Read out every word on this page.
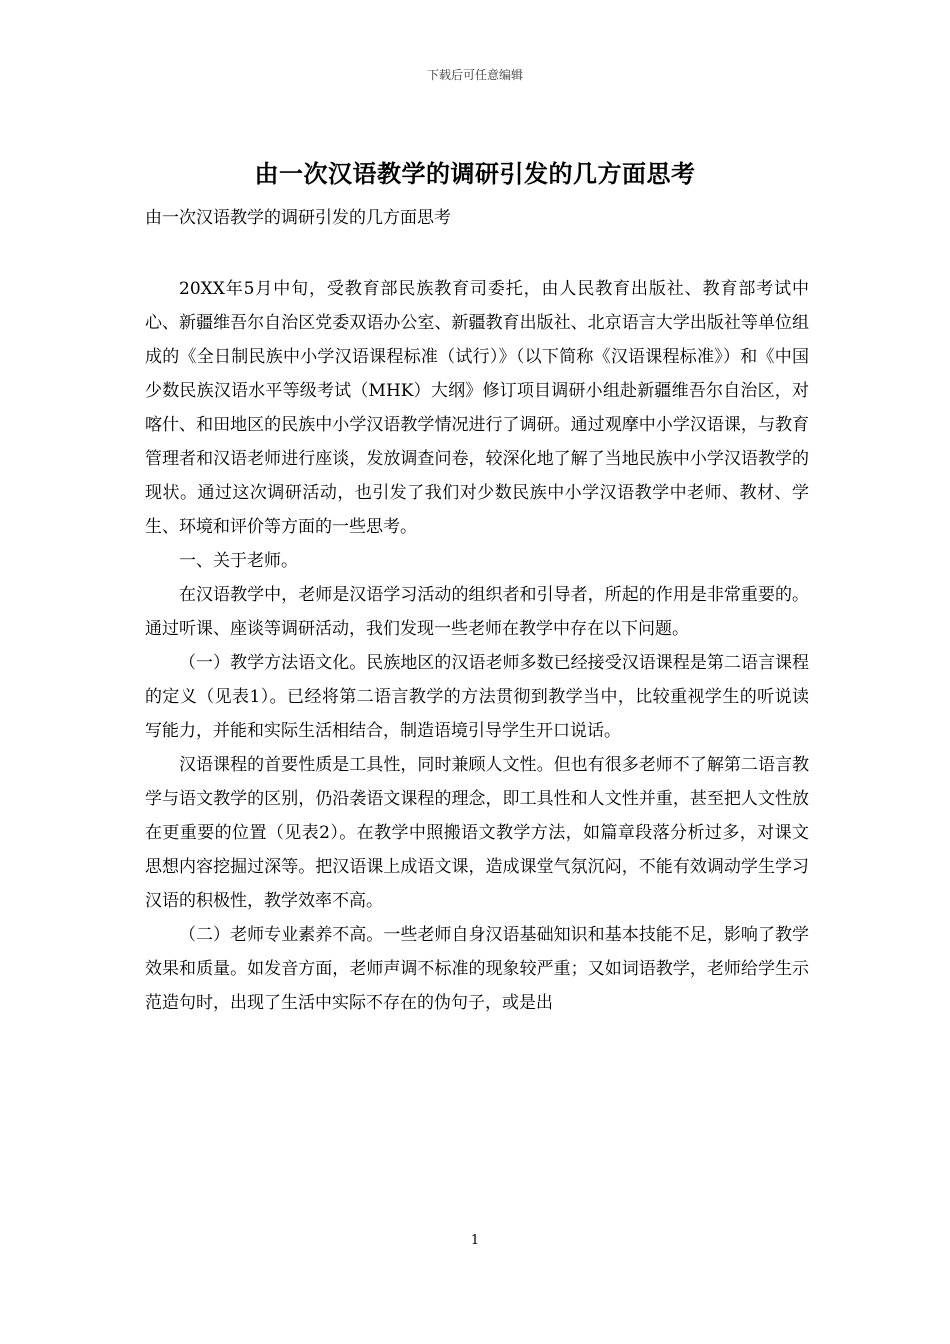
下载后可任意编辑
由一次汉语教学的调研引发的几方面思考

由一次汉语教学的调研引发的几方面思考

20XX年5月中旬，受教育部民族教育司委托，由人民教育出版社、教育部考试中心、新疆维吾尔自治区党委双语办公室、新疆教育出版社、北京语言大学出版社等单位组成的《全日制民族中小学汉语课程标准（试行）》（以下简称《汉语课程标准》）和《中国少数民族汉语水平等级考试（MHK）大纲》修订项目调研小组赴新疆维吾尔自治区，对喀什、和田地区的民族中小学汉语教学情况进行了调研。通过观摩中小学汉语课，与教育管理者和汉语老师进行座谈，发放调查问卷，较深化地了解了当地民族中小学汉语教学的现状。通过这次调研活动，也引发了我们对少数民族中小学汉语教学中老师、教材、学生、环境和评价等方面的一些思考。

一、关于老师。

在汉语教学中，老师是汉语学习活动的组织者和引导者，所起的作用是非常重要的。通过听课、座谈等调研活动，我们发现一些老师在教学中存在以下问题。

（一）教学方法语文化。民族地区的汉语老师多数已经接受汉语课程是第二语言课程的定义（见表1）。已经将第二语言教学的方法贯彻到教学当中，比较重视学生的听说读写能力，并能和实际生活相结合，制造语境引导学生开口说话。

汉语课程的首要性质是工具性，同时兼顾人文性。但也有很多老师不了解第二语言教学与语文教学的区别，仍沿袭语文课程的理念，即工具性和人文性并重，甚至把人文性放在更重要的位置（见表2）。在教学中照搬语文教学方法，如篇章段落分析过多，对课文思想内容挖掘过深等。把汉语课上成语文课，造成课堂气氛沉闷，不能有效调动学生学习汉语的积极性，教学效率不高。

（二）老师专业素养不高。一些老师自身汉语基础知识和基本技能不足，影响了教学效果和质量。如发音方面，老师声调不标准的现象较严重；又如词语教学，老师给学生示范造句时，出现了生活中实际不存在的伪句子，或是出

1
